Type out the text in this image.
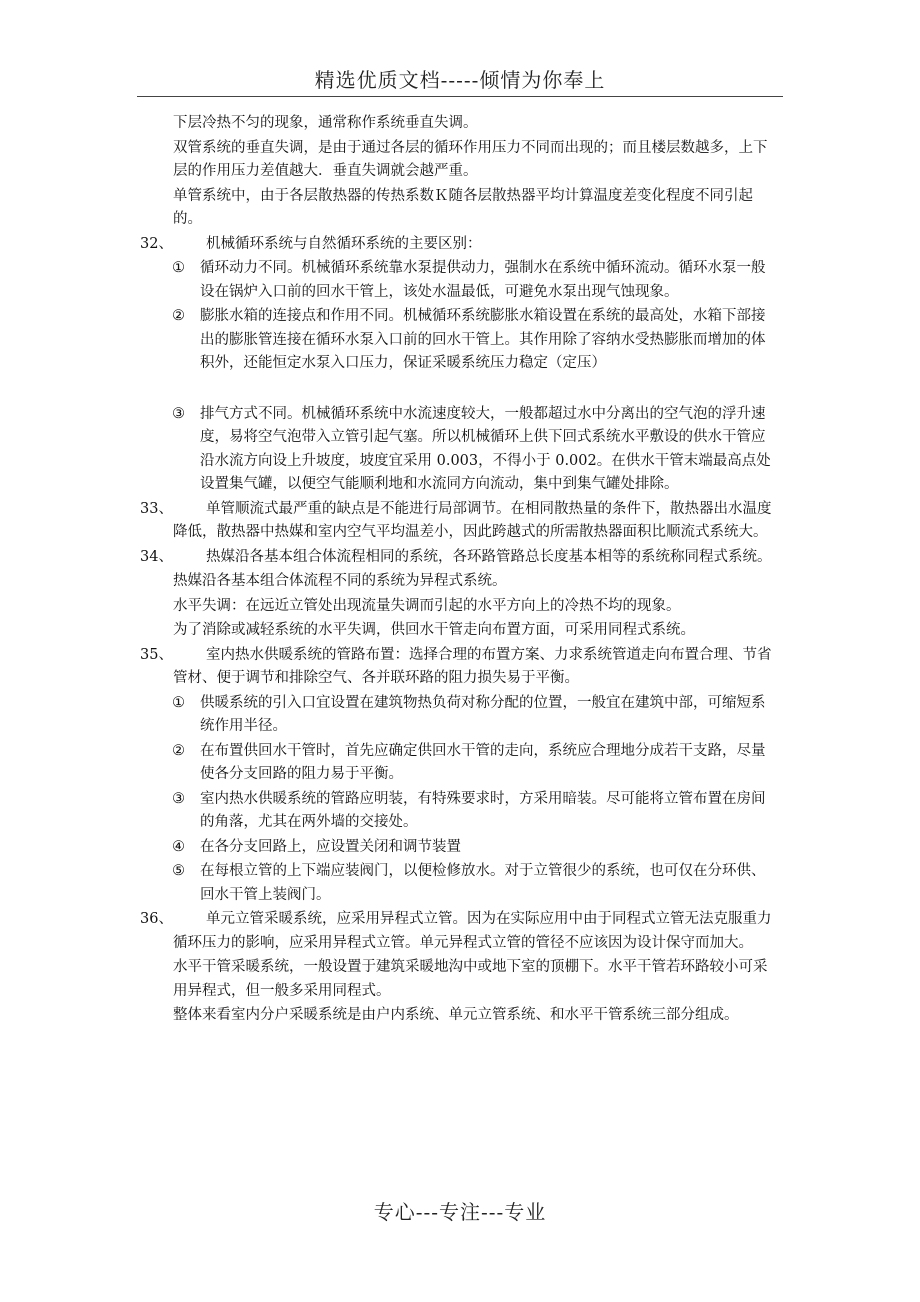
精选优质文档-----倾情为你奉上

下层冷热不匀的现象，通常称作系统垂直失调。

双管系统的垂直失调，是由于通过各层的循环作用压力不同而出现的；而且楼层数越多，上下层的作用压力差值越大．垂直失调就会越严重。

单管系统中，由于各层散热器的传热系数Ｋ随各层散热器平均计算温度差变化程度不同引起的。

32、 机械循环系统与自然循环系统的主要区别：

① 循环动力不同。机械循环系统靠水泵提供动力，强制水在系统中循环流动。循环水泵一般设在锅炉入口前的回水干管上，该处水温最低，可避免水泵出现气蚀现象。

② 膨胀水箱的连接点和作用不同。机械循环系统膨胀水箱设置在系统的最高处，水箱下部接出的膨胀管连接在循环水泵入口前的回水干管上。其作用除了容纳水受热膨胀而增加的体积外，还能恒定水泵入口压力，保证采暖系统压力稳定（定压）

③ 排气方式不同。机械循环系统中水流速度较大，一般都超过水中分离出的空气泡的浮升速度，易将空气泡带入立管引起气塞。所以机械循环上供下回式系统水平敷设的供水干管应沿水流方向设上升坡度，坡度宜采用 0.003，不得小于 0.002。在供水干管末端最高点处设置集气罐，以便空气能顺利地和水流同方向流动，集中到集气罐处排除。

33、 单管顺流式最严重的缺点是不能进行局部调节。在相同散热量的条件下，散热器出水温度降低，散热器中热媒和室内空气平均温差小，因此跨越式的所需散热器面积比顺流式系统大。

34、 热媒沿各基本组合体流程相同的系统，各环路管路总长度基本相等的系统称同程式系统。

热媒沿各基本组合体流程不同的系统为异程式系统。

水平失调：在远近立管处出现流量失调而引起的水平方向上的冷热不均的现象。

为了消除或减轻系统的水平失调，供回水干管走向布置方面，可采用同程式系统。

35、 室内热水供暖系统的管路布置：选择合理的布置方案、力求系统管道走向布置合理、节省管材、便于调节和排除空气、各并联环路的阻力损失易于平衡。

① 供暖系统的引入口宜设置在建筑物热负荷对称分配的位置，一般宜在建筑中部，可缩短系统作用半径。

② 在布置供回水干管时，首先应确定供回水干管的走向，系统应合理地分成若干支路，尽量使各分支回路的阻力易于平衡。

③ 室内热水供暖系统的管路应明装，有特殊要求时，方采用暗装。尽可能将立管布置在房间的角落，尤其在两外墙的交接处。

④ 在各分支回路上，应设置关闭和调节装置

⑤ 在每根立管的上下端应装阀门，以便检修放水。对于立管很少的系统，也可仅在分环供、回水干管上装阀门。

36、 单元立管采暖系统，应采用异程式立管。因为在实际应用中由于同程式立管无法克服重力循环压力的影响，应采用异程式立管。单元异程式立管的管径不应该因为设计保守而加大。

水平干管采暖系统，一般设置于建筑采暖地沟中或地下室的顶棚下。水平干管若环路较小可采用异程式，但一般多采用同程式。

整体来看室内分户采暖系统是由户内系统、单元立管系统、和水平干管系统三部分组成。

专心---专注---专业
